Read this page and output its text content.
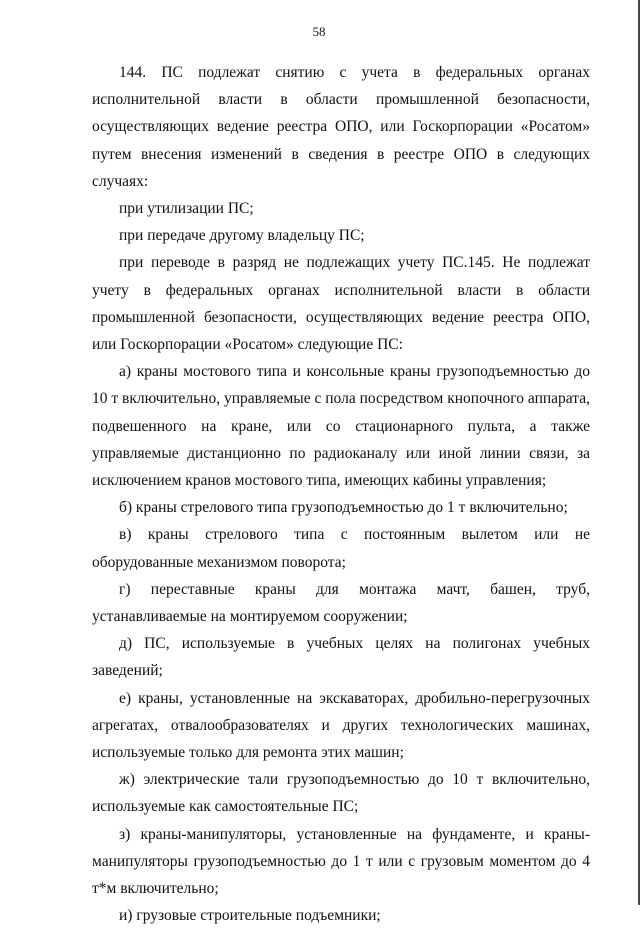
58

144. ПС подлежат снятию с учета в федеральных органах исполнительной власти в области промышленной безопасности, осуществляющих ведение реестра ОПО, или Госкорпорации «Росатом» путем внесения изменений в сведения в реестре ОПО в следующих случаях:

при утилизации ПС;

при передаче другому владельцу ПС;

при переводе в разряд не подлежащих учету ПС.145. Не подлежат учету в федеральных органах исполнительной власти в области промышленной безопасности, осуществляющих ведение реестра ОПО, или Госкорпорации «Росатом» следующие ПС:

а) краны мостового типа и консольные краны грузоподъемностью до 10 т включительно, управляемые с пола посредством кнопочного аппарата, подвешенного на кране, или со стационарного пульта, а также управляемые дистанционно по радиоканалу или иной линии связи, за исключением кранов мостового типа, имеющих кабины управления;

б) краны стрелового типа грузоподъемностью до 1 т включительно;

в) краны стрелового типа с постоянным вылетом или не оборудованные механизмом поворота;

г) переставные краны для монтажа мачт, башен, труб, устанавливаемые на монтируемом сооружении;

д) ПС, используемые в учебных целях на полигонах учебных заведений;

е) краны, установленные на экскаваторах, дробильно-перегрузочных агрегатах, отвалообразователях и других технологических машинах, используемые только для ремонта этих машин;

ж) электрические тали грузоподъемностью до 10 т включительно, используемые как самостоятельные ПС;

з) краны-манипуляторы, установленные на фундаменте, и краны-манипуляторы грузоподъемностью до 1 т или с грузовым моментом до 4 т*м включительно;

и) грузовые строительные подъемники;
